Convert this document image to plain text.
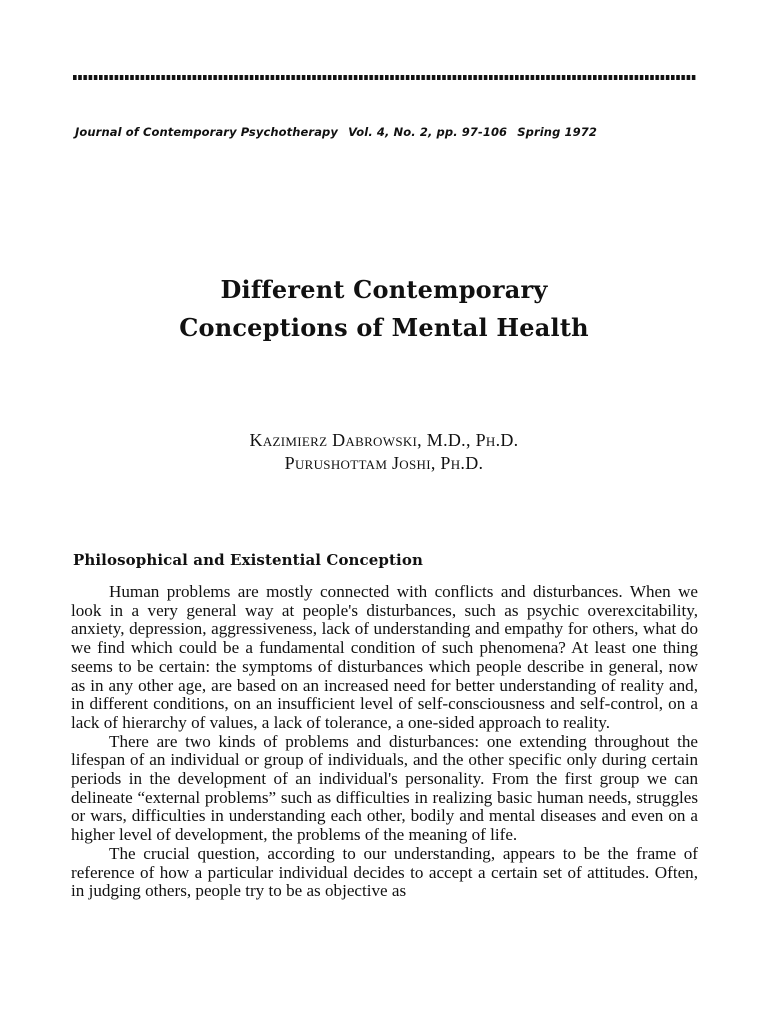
Journal of Contemporary Psychotherapy Vol. 4, No. 2, pp. 97-106 Spring 1972
Different Contemporary
Conceptions of Mental Health
Kazimierz Dabrowski, M.D., Ph.D.
Purushottam Joshi, Ph.D.
Philosophical and Existential Conception

Human problems are mostly connected with conflicts and disturbances. When we look in a very general way at people's disturbances, such as psychic overexcitability, anxiety, depression, aggressiveness, lack of understanding and empathy for others, what do we find which could be a fundamental condition of such phenomena? At least one thing seems to be certain: the symptoms of disturbances which people describe in general, now as in any other age, are based on an increased need for better understanding of reality and, in different conditions, on an insufficient level of self-consciousness and self-control, on a lack of hierarchy of values, a lack of tolerance, a one-sided approach to reality.

There are two kinds of problems and disturbances: one extending throughout the lifespan of an individual or group of individuals, and the other specific only during certain periods in the development of an individual's personality. From the first group we can delineate “external problems” such as difficulties in realizing basic human needs, struggles or wars, difficulties in understanding each other, bodily and mental diseases and even on a higher level of development, the problems of the meaning of life.

The crucial question, according to our understanding, appears to be the frame of reference of how a particular individual decides to accept a certain set of attitudes. Often, in judging others, people try to be as objective as
